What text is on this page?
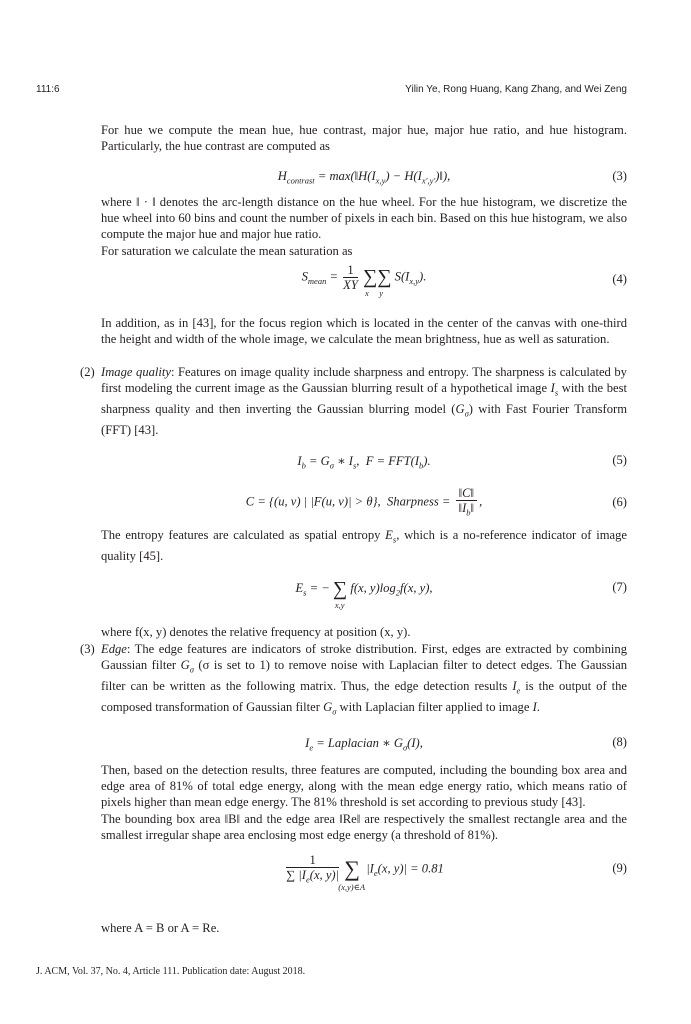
111:6	Yilin Ye, Rong Huang, Kang Zhang, and Wei Zeng

For hue we compute the mean hue, hue contrast, major hue, major hue ratio, and hue histogram. Particularly, the hue contrast are computed as

$H_{contrast}$ = $\max(‖H(I_{x,y})$ − $H(I_{x',y'})‖$),	(3)

where ‖ · ‖ denotes the arc-length distance on the hue wheel. For the hue histogram, we discretize the hue wheel into 60 bins and count the number of pixels in each bin. Based on this hue histogram, we also compute the major hue and major hue ratio.

For saturation we calculate the mean saturation as

$S_{mean} = \frac{1}{XY}$ ∑
x
∑
y
$S(I_{x,y})$.	(4)

In addition, as in [43], for the focus region which is located in the center of the canvas with one-third the height and width of the whole image, we calculate the mean brightness, hue as well as saturation.

(2) Image quality: Features on image quality include sharpness and entropy. The sharpness is calculated by first modeling the current image as the Gaussian blurring result of a hypothetical image $I_s$ with the best sharpness quality and then inverting the Gaussian blurring model $(G_\sigma)$ with Fast Fourier Transform (FFT) [43].
$I_b = G_\sigma$ ∗ $I_s$,  $F = FFT(I_b)$.	(5)
C = {(u, v) | |F(u, v)| > θ},  Sharpness = $\frac{‖C‖}{‖I_b‖}$ ,	(6)

The entropy features are calculated as spatial entropy $E_s$, which is a no-reference indicator of image quality [45].

$E_s$ = − ∑
x,y
f(x, $y)\log_2f(x$, y),	(7)

where f(x, y) denotes the relative frequency at position (x, y).

(3) Edge: The edge features are indicators of stroke distribution. First, edges are extracted by combining Gaussian filter $G_\sigma$ (σ is set to 1) to remove noise with Laplacian filter to detect edges. The Gaussian filter can be written as the following matrix. Thus, the edge detection results $I_e$ is the output of the composed transformation of Gaussian filter $G_\sigma$ with Laplacian filter applied to image I.
$I_e$ = Laplacian ∗ $G_\sigma(I)$,	(8)

Then, based on the detection results, three features are computed, including the bounding box area and edge area of 81% of total edge energy, along with the mean edge energy ratio, which means ratio of pixels higher than mean edge energy. The 81% threshold is set according to previous study [43].

The bounding box area ‖B‖ and the edge area ‖Re‖ are respectively the smallest rectangle area and the smallest irregular shape area enclosing most edge energy (a threshold of 81%).

$\frac{1}{\sum |I_e(x, y)|}$ ∑
(x,y)∈A
$|I_e(x$, y)| = 0.81	(9)

where A = B or A = Re.

J. ACM, Vol. 37, No. 4, Article 111. Publication date: August 2018.
